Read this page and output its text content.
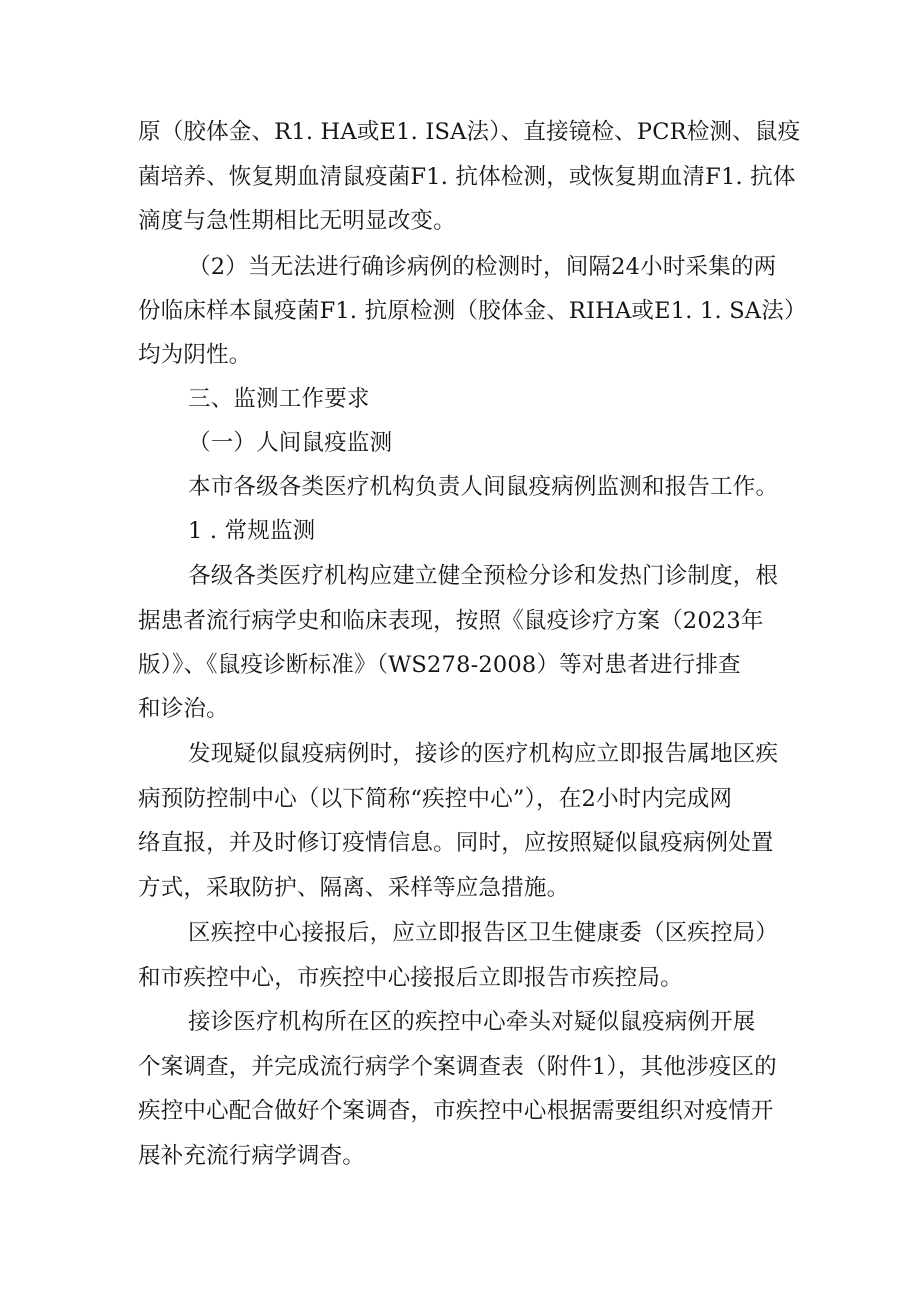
原（胶体金、R1. HA或E1. ISA法）、直接镜检、PCR检测、鼠疫
菌培养、恢复期血清鼠疫菌F1. 抗体检测，或恢复期血清F1. 抗体
滴度与急性期相比无明显改变。
（2）当无法进行确诊病例的检测时，间隔24小时采集的两
份临床样本鼠疫菌F1. 抗原检测（胶体金、RIHA或E1. 1. SA法）
均为阴性。
三、监测工作要求
（一）人间鼠疫监测
本市各级各类医疗机构负责人间鼠疫病例监测和报告工作。
1 . 常规监测
各级各类医疗机构应建立健全预检分诊和发热门诊制度，根
据患者流行病学史和临床表现，按照《鼠疫诊疗方案（2023年
版）》、《鼠疫诊断标准》（WS278-2008）等对患者进行排查
和诊治。
发现疑似鼠疫病例时，接诊的医疗机构应立即报告属地区疾
病预防控制中心（以下简称“疾控中心”），在2小时内完成网
络直报，并及时修订疫情信息。同时，应按照疑似鼠疫病例处置
方式，采取防护、隔离、采样等应急措施。
区疾控中心接报后，应立即报告区卫生健康委（区疾控局）
和市疾控中心，市疾控中心接报后立即报告市疾控局。
接诊医疗机构所在区的疾控中心牵头对疑似鼠疫病例开展
个案调查，并完成流行病学个案调查表（附件1），其他涉疫区的
疾控中心配合做好个案调杳，市疾控中心根据需要组织对疫情开
展补充流行病学调杳。
